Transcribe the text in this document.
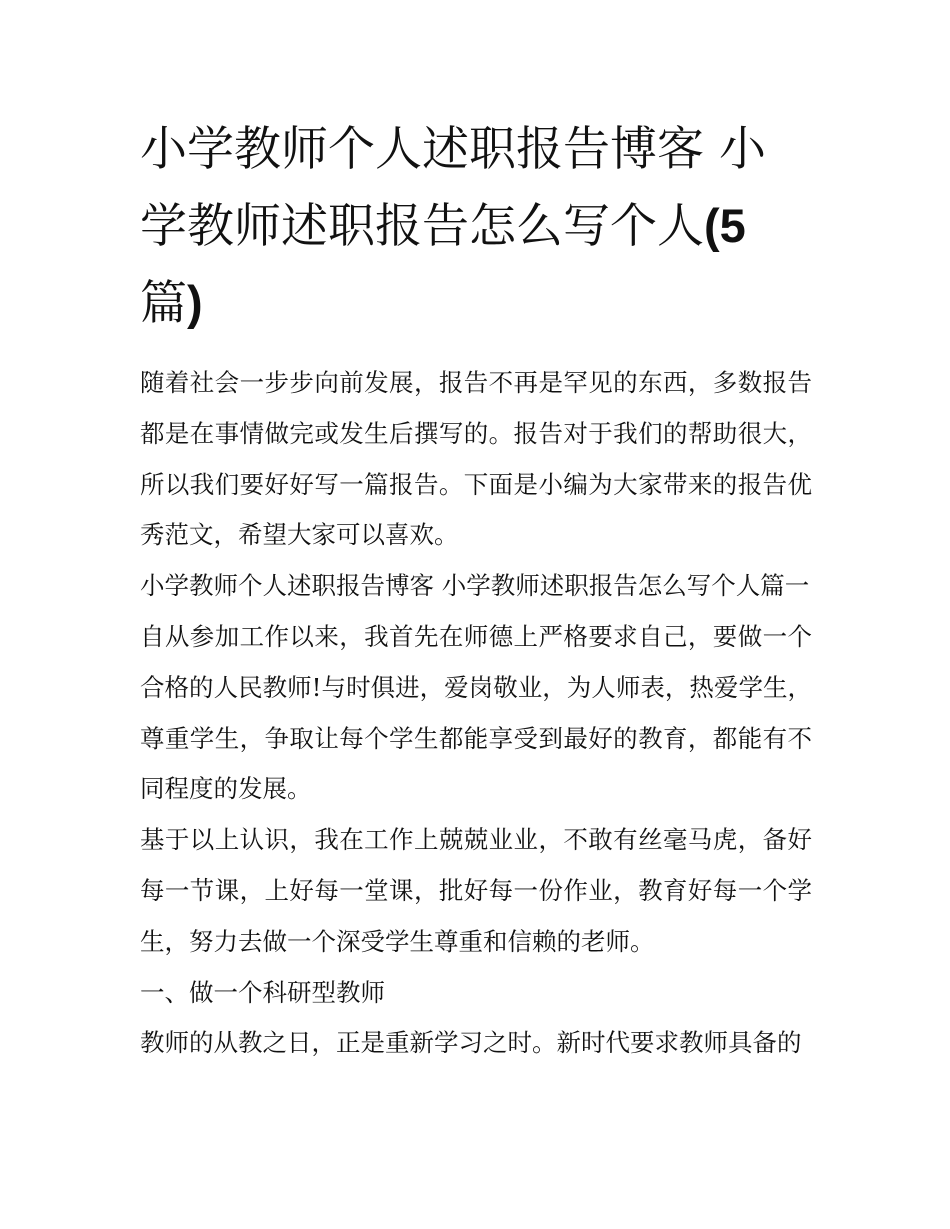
小学教师个人述职报告博客 小
学教师述职报告怎么写个人(5
篇)

随着社会一步步向前发展，报告不再是罕见的东西，多数报告都是在事情做完或发生后撰写的。报告对于我们的帮助很大，所以我们要好好写一篇报告。下面是小编为大家带来的报告优秀范文，希望大家可以喜欢。

小学教师个人述职报告博客 小学教师述职报告怎么写个人篇一

自从参加工作以来，我首先在师德上严格要求自己，要做一个合格的人民教师!与时俱进，爱岗敬业，为人师表，热爱学生，尊重学生，争取让每个学生都能享受到最好的教育，都能有不同程度的发展。

基于以上认识，我在工作上兢兢业业，不敢有丝毫马虎，备好每一节课，上好每一堂课，批好每一份作业，教育好每一个学生，努力去做一个深受学生尊重和信赖的老师。

一、做一个科研型教师

教师的从教之日，正是重新学习之时。新时代要求教师具备的
